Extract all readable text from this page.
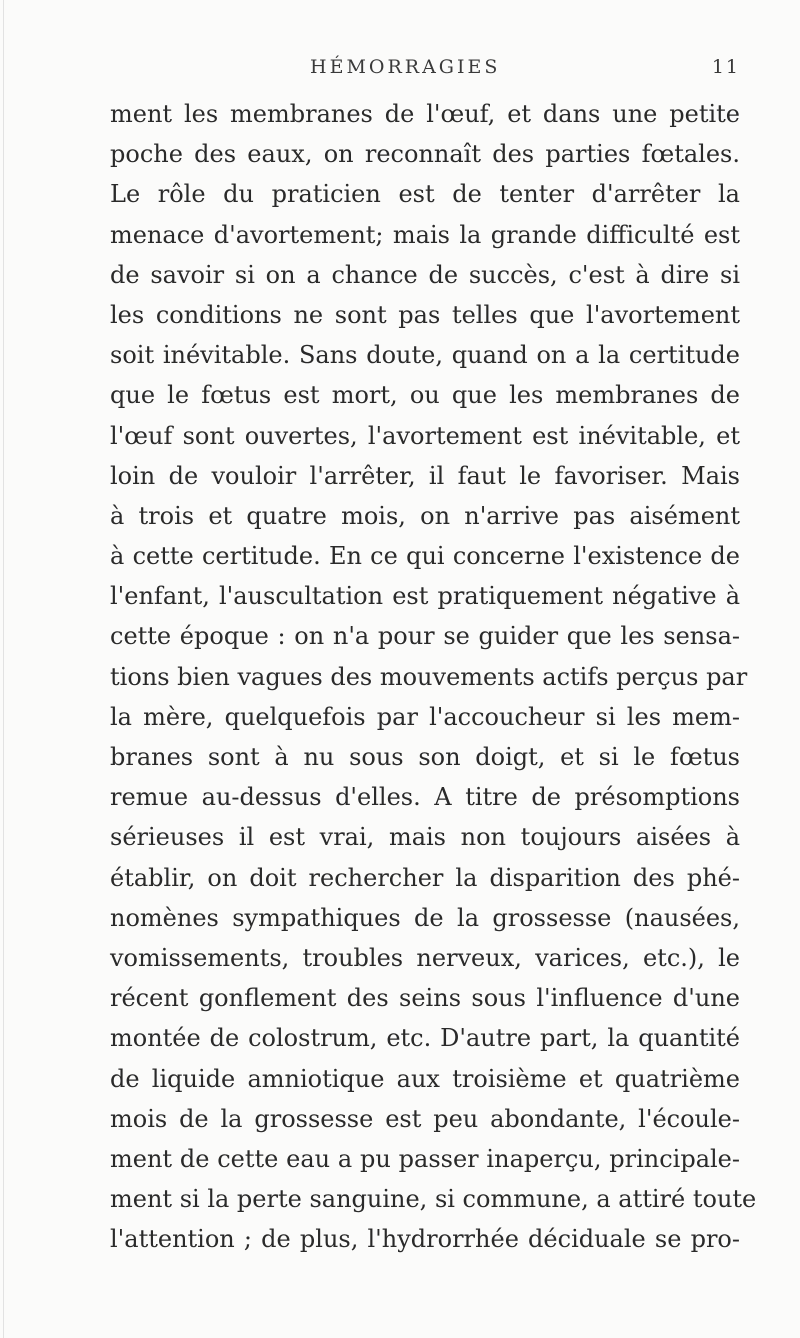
HÉMORRAGIES	11
ment les membranes de l'œuf, et dans une petite
poche des eaux, on reconnaît des parties fœtales.
Le rôle du praticien est de tenter d'arrêter la
menace d'avortement; mais la grande difficulté est
de savoir si on a chance de succès, c'est à dire si
les conditions ne sont pas telles que l'avortement
soit inévitable. Sans doute, quand on a la certitude
que le fœtus est mort, ou que les membranes de
l'œuf sont ouvertes, l'avortement est inévitable, et
loin de vouloir l'arrêter, il faut le favoriser. Mais
à trois et quatre mois, on n'arrive pas aisément
à cette certitude. En ce qui concerne l'existence de
l'enfant, l'auscultation est pratiquement négative à
cette époque : on n'a pour se guider que les sensa-
tions bien vagues des mouvements actifs perçus par
la mère, quelquefois par l'accoucheur si les mem-
branes sont à nu sous son doigt, et si le fœtus
remue au-dessus d'elles. A titre de présomptions
sérieuses il est vrai, mais non toujours aisées à
établir, on doit rechercher la disparition des phé-
nomènes sympathiques de la grossesse (nausées,
vomissements, troubles nerveux, varices, etc.), le
récent gonflement des seins sous l'influence d'une
montée de colostrum, etc. D'autre part, la quantité
de liquide amniotique aux troisième et quatrième
mois de la grossesse est peu abondante, l'écoule-
ment de cette eau a pu passer inaperçu, principale-
ment si la perte sanguine, si commune, a attiré toute
l'attention ; de plus, l'hydrorrhée déciduale se pro-
